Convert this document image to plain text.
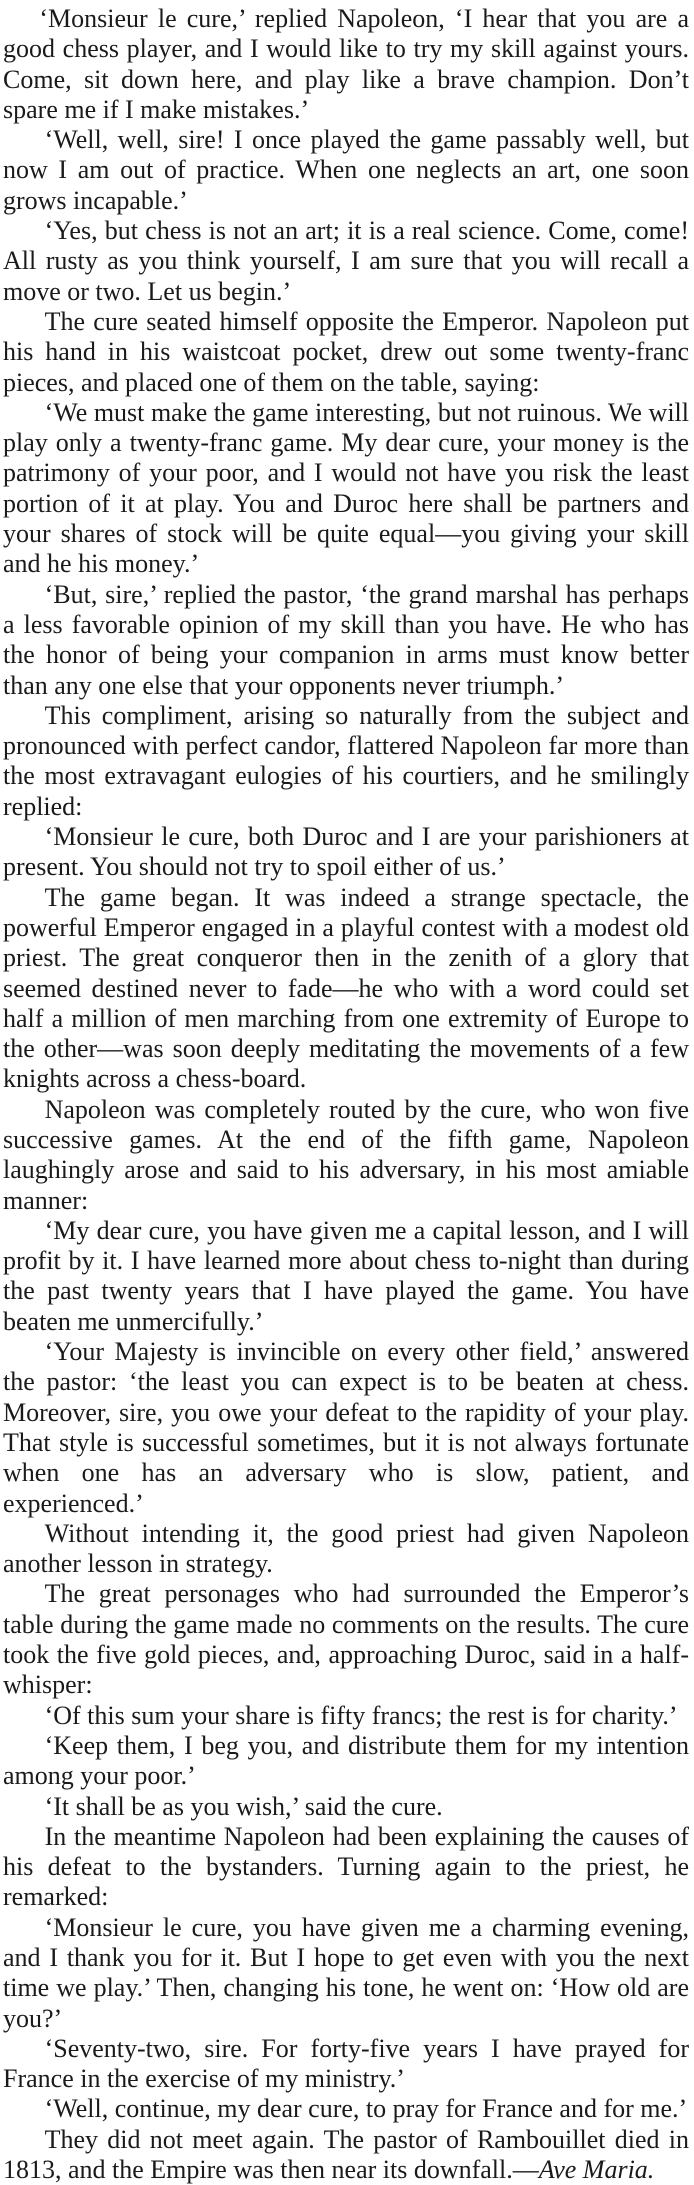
‘Monsieur le cure,’ replied Napoleon, ‘I hear that you are a good chess player, and I would like to try my skill against yours. Come, sit down here, and play like a brave champion. Don’t spare me if I make mistakes.’

‘Well, well, sire! I once played the game passably well, but now I am out of practice. When one neglects an art, one soon grows incapable.’

‘Yes, but chess is not an art; it is a real science. Come, come! All rusty as you think yourself, I am sure that you will recall a move or two. Let us begin.’

The cure seated himself opposite the Emperor. Napoleon put his hand in his waistcoat pocket, drew out some twenty-franc pieces, and placed one of them on the table, saying:

‘We must make the game interesting, but not ruinous. We will play only a twenty-franc game. My dear cure, your money is the patrimony of your poor, and I would not have you risk the least portion of it at play. You and Duroc here shall be partners and your shares of stock will be quite equal—you giving your skill and he his money.’

‘But, sire,’ replied the pastor, ‘the grand marshal has perhaps a less favorable opinion of my skill than you have. He who has the honor of being your companion in arms must know better than any one else that your opponents never triumph.’

This compliment, arising so naturally from the subject and pronounced with perfect candor, flattered Napoleon far more than the most extravagant eulogies of his courtiers, and he smilingly replied:

‘Monsieur le cure, both Duroc and I are your parishioners at present. You should not try to spoil either of us.’

The game began. It was indeed a strange spectacle, the powerful Emperor engaged in a playful contest with a modest old priest. The great conqueror then in the zenith of a glory that seemed destined never to fade—he who with a word could set half a million of men marching from one extremity of Europe to the other—was soon deeply meditating the movements of a few knights across a chess-board.

Napoleon was completely routed by the cure, who won five successive games. At the end of the fifth game, Napoleon laughingly arose and said to his adversary, in his most amiable manner:

‘My dear cure, you have given me a capital lesson, and I will profit by it. I have learned more about chess to-night than during the past twenty years that I have played the game. You have beaten me unmercifully.’

‘Your Majesty is invincible on every other field,’ answered the pastor: ‘the least you can expect is to be beaten at chess. Moreover, sire, you owe your defeat to the rapidity of your play. That style is successful sometimes, but it is not always fortunate when one has an adversary who is slow, patient, and experienced.’

Without intending it, the good priest had given Napoleon another lesson in strategy.

The great personages who had surrounded the Emperor’s table during the game made no comments on the results. The cure took the five gold pieces, and, approaching Duroc, said in a half-whisper:

‘Of this sum your share is fifty francs; the rest is for charity.’

‘Keep them, I beg you, and distribute them for my intention among your poor.’

‘It shall be as you wish,’ said the cure.

In the meantime Napoleon had been explaining the causes of his defeat to the bystanders. Turning again to the priest, he remarked:

‘Monsieur le cure, you have given me a charming evening, and I thank you for it. But I hope to get even with you the next time we play.’ Then, changing his tone, he went on: ‘How old are you?’

‘Seventy-two, sire. For forty-five years I have prayed for France in the exercise of my ministry.’

‘Well, continue, my dear cure, to pray for France and for me.’

They did not meet again. The pastor of Rambouillet died in 1813, and the Empire was then near its downfall.—Ave Maria.
